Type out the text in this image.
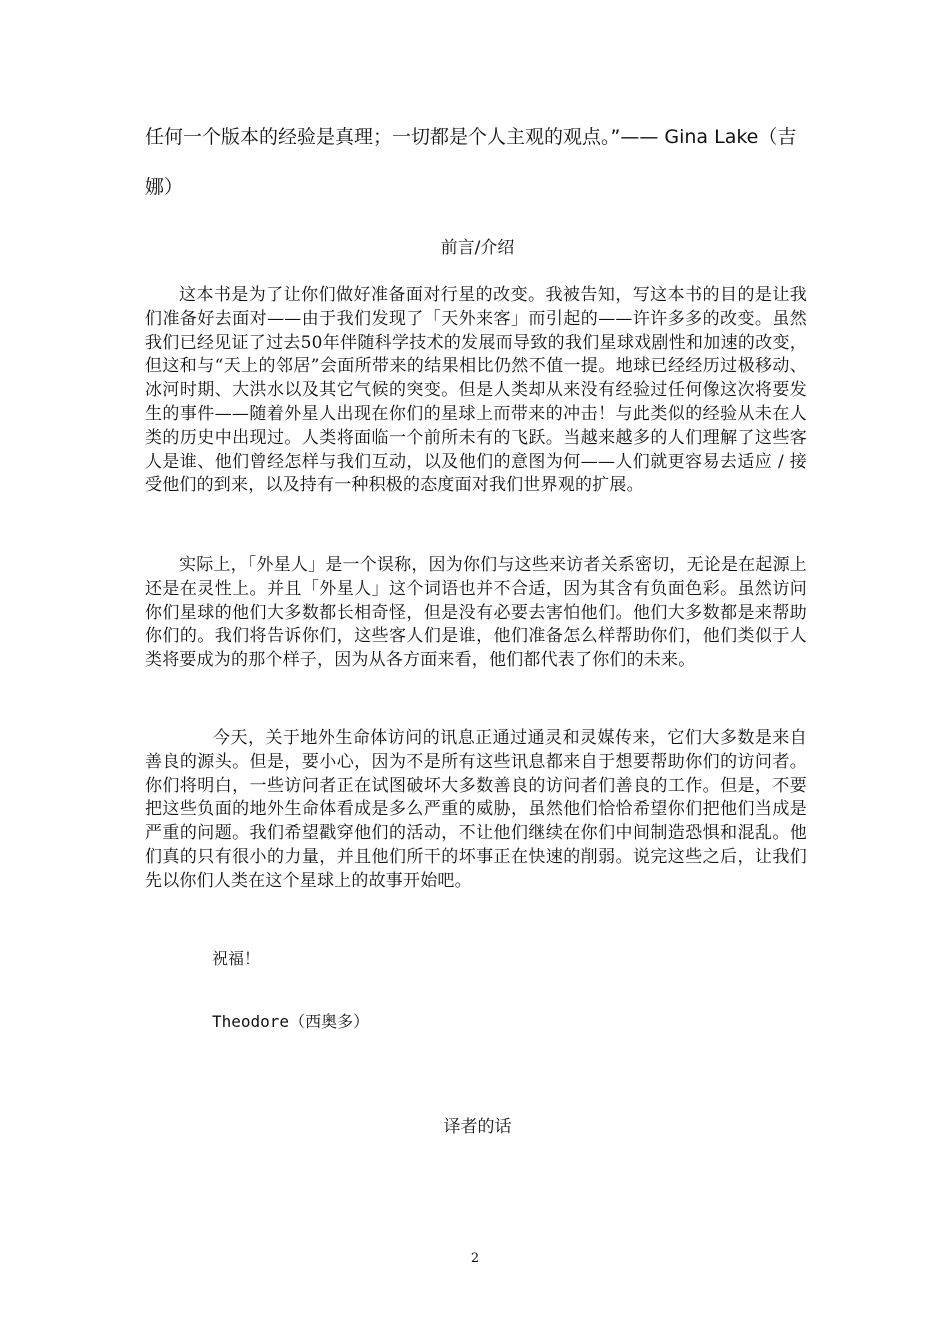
任何一个版本的经验是真理；一切都是个人主观的观点。”—— Gina Lake（吉
娜）
前言/介绍
这本书是为了让你们做好准备面对行星的改变。我被告知，写这本书的目的是让我们准备好去面对——由于我们发现了「天外来客」而引起的——许许多多的改变。虽然我们已经见证了过去50年伴随科学技术的发展而导致的我们星球戏剧性和加速的改变，但这和与“天上的邻居”会面所带来的结果相比仍然不值一提。地球已经经历过极移动、冰河时期、大洪水以及其它气候的突变。但是人类却从来没有经验过任何像这次将要发生的事件——随着外星人出现在你们的星球上而带来的冲击！与此类似的经验从未在人类的历史中出现过。人类将面临一个前所未有的飞跃。当越来越多的人们理解了这些客人是谁、他们曾经怎样与我们互动，以及他们的意图为何——人们就更容易去适应 / 接受他们的到来，以及持有一种积极的态度面对我们世界观的扩展。
实际上，「外星人」是一个误称，因为你们与这些来访者关系密切，无论是在起源上还是在灵性上。并且「外星人」这个词语也并不合适，因为其含有负面色彩。虽然访问你们星球的他们大多数都长相奇怪，但是没有必要去害怕他们。他们大多数都是来帮助你们的。我们将告诉你们，这些客人们是谁，他们准备怎么样帮助你们，他们类似于人类将要成为的那个样子，因为从各方面来看，他们都代表了你们的未来。
今天，关于地外生命体访问的讯息正通过通灵和灵媒传来，它们大多数是来自善良的源头。但是，要小心，因为不是所有这些讯息都来自于想要帮助你们的访问者。你们将明白，一些访问者正在试图破坏大多数善良的访问者们善良的工作。但是，不要把这些负面的地外生命体看成是多么严重的威胁，虽然他们恰恰希望你们把他们当成是严重的问题。我们希望戳穿他们的活动，不让他们继续在你们中间制造恐惧和混乱。他们真的只有很小的力量，并且他们所干的坏事正在快速的削弱。说完这些之后，让我们先以你们人类在这个星球上的故事开始吧。
祝福！
Theodore（西奥多）
译者的话
2
